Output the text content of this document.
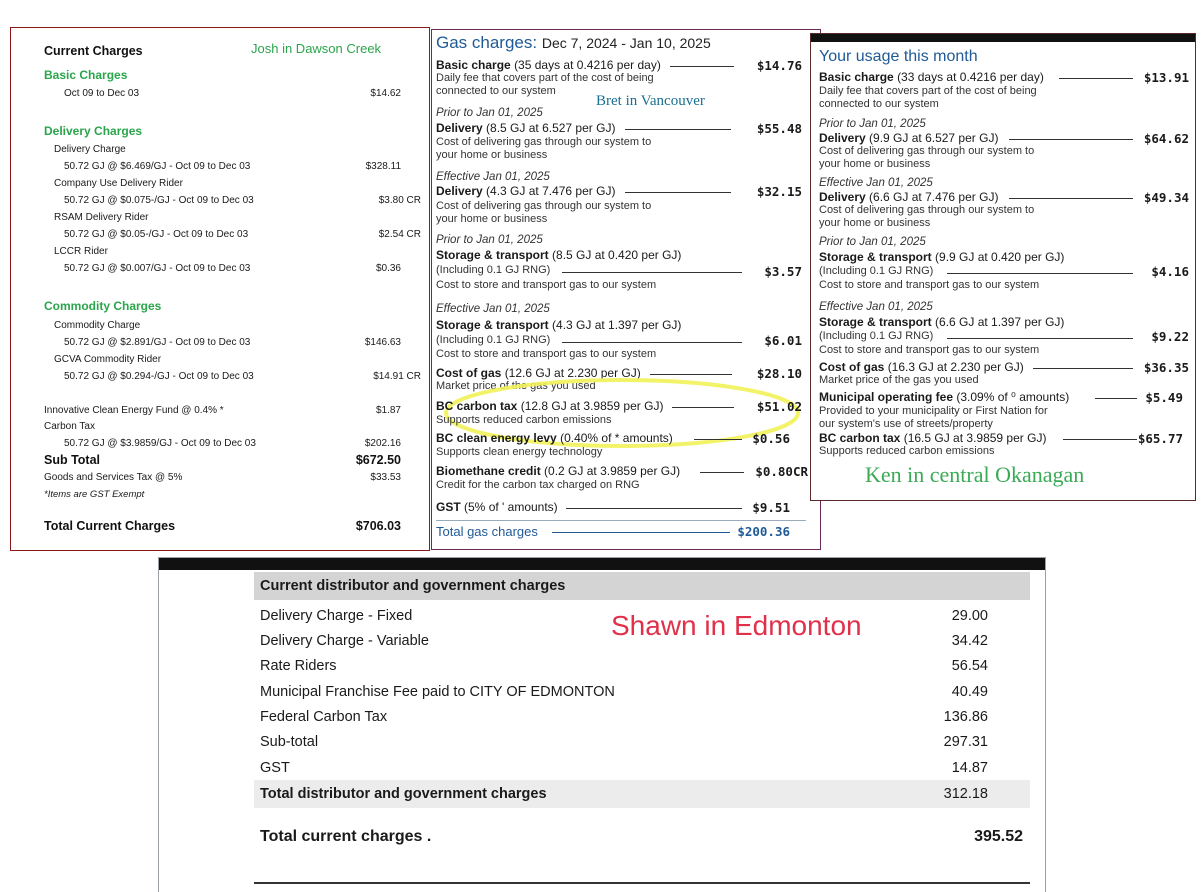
Current Charges	Josh in Dawson Creek
Basic Charges
Oct 09 to Dec 03	$14.62
Delivery Charges
Delivery Charge
50.72 GJ @ $6.469/GJ - Oct 09 to Dec 03	$328.11
Company Use Delivery Rider
50.72 GJ @ $0.075-/GJ - Oct 09 to Dec 03	$3.80 CR
RSAM Delivery Rider
50.72 GJ @ $0.05-/GJ - Oct 09 to Dec 03	$2.54 CR
LCCR Rider
50.72 GJ @ $0.007/GJ - Oct 09 to Dec 03	$0.36
Commodity Charges
Commodity Charge
50.72 GJ @ $2.891/GJ - Oct 09 to Dec 03	$146.63
GCVA Commodity Rider
50.72 GJ @ $0.294-/GJ - Oct 09 to Dec 03	$14.91 CR
Innovative Clean Energy Fund @ 0.4% *	$1.87
Carbon Tax
50.72 GJ @ $3.9859/GJ - Oct 09 to Dec 03	$202.16
Sub Total	$672.50
Goods and Services Tax @ 5%	$33.53
*Items are GST Exempt
Total Current Charges	$706.03
Gas charges: Dec 7, 2024 - Jan 10, 2025
Basic charge (35 days at 0.4216 per day)	$14.76
Daily fee that covers part of the cost of being
connected to our system
Bret in Vancouver
Prior to Jan 01, 2025
Delivery (8.5 GJ at 6.527 per GJ)	$55.48
Cost of delivering gas through our system to
your home or business
Effective Jan 01, 2025
Delivery (4.3 GJ at 7.476 per GJ)	$32.15
Cost of delivering gas through our system to
your home or business
Prior to Jan 01, 2025
Storage & transport (8.5 GJ at 0.420 per GJ)
(Including 0.1 GJ RNG)	$3.57
Cost to store and transport gas to our system
Effective Jan 01, 2025
Storage & transport (4.3 GJ at 1.397 per GJ)
(Including 0.1 GJ RNG)	$6.01
Cost to store and transport gas to our system
Cost of gas (12.6 GJ at 2.230 per GJ)	$28.10
Market price of the gas you used
BC carbon tax (12.8 GJ at 3.9859 per GJ)	$51.02
Supports reduced carbon emissions
BC clean energy levy (0.40% of * amounts)	$0.56
Supports clean energy technology
Biomethane credit (0.2 GJ at 3.9859 per GJ)	$0.80CR
Credit for the carbon tax charged on RNG
GST (5% of ' amounts)	$9.51
Total gas charges	$200.36
Your usage this month
Basic charge (33 days at 0.4216 per day)	$13.91
Daily fee that covers part of the cost of being
connected to our system
Prior to Jan 01, 2025
Delivery (9.9 GJ at 6.527 per GJ)	$64.62
Cost of delivering gas through our system to
your home or business
Effective Jan 01, 2025
Delivery (6.6 GJ at 7.476 per GJ)	$49.34
Cost of delivering gas through our system to
your home or business
Prior to Jan 01, 2025
Storage & transport (9.9 GJ at 0.420 per GJ)
(Including 0.1 GJ RNG)	$4.16
Cost to store and transport gas to our system
Effective Jan 01, 2025
Storage & transport (6.6 GJ at 1.397 per GJ)
(Including 0.1 GJ RNG)	$9.22
Cost to store and transport gas to our system
Cost of gas (16.3 GJ at 2.230 per GJ)	$36.35
Market price of the gas you used
Municipal operating fee (3.09% of ⁰ amounts)	$5.49
Provided to your municipality or First Nation for
our system's use of streets/property
BC carbon tax (16.5 GJ at 3.9859 per GJ)	$65.77
Supports reduced carbon emissions
Ken in central Okanagan
Current distributor and government charges
Shawn in Edmonton
Delivery Charge - Fixed	29.00
Delivery Charge - Variable	34.42
Rate Riders	56.54
Municipal Franchise Fee paid to CITY OF EDMONTON	40.49
Federal Carbon Tax	136.86
Sub-total	297.31
GST	14.87
Total distributor and government charges	312.18
Total current charges .	395.52
